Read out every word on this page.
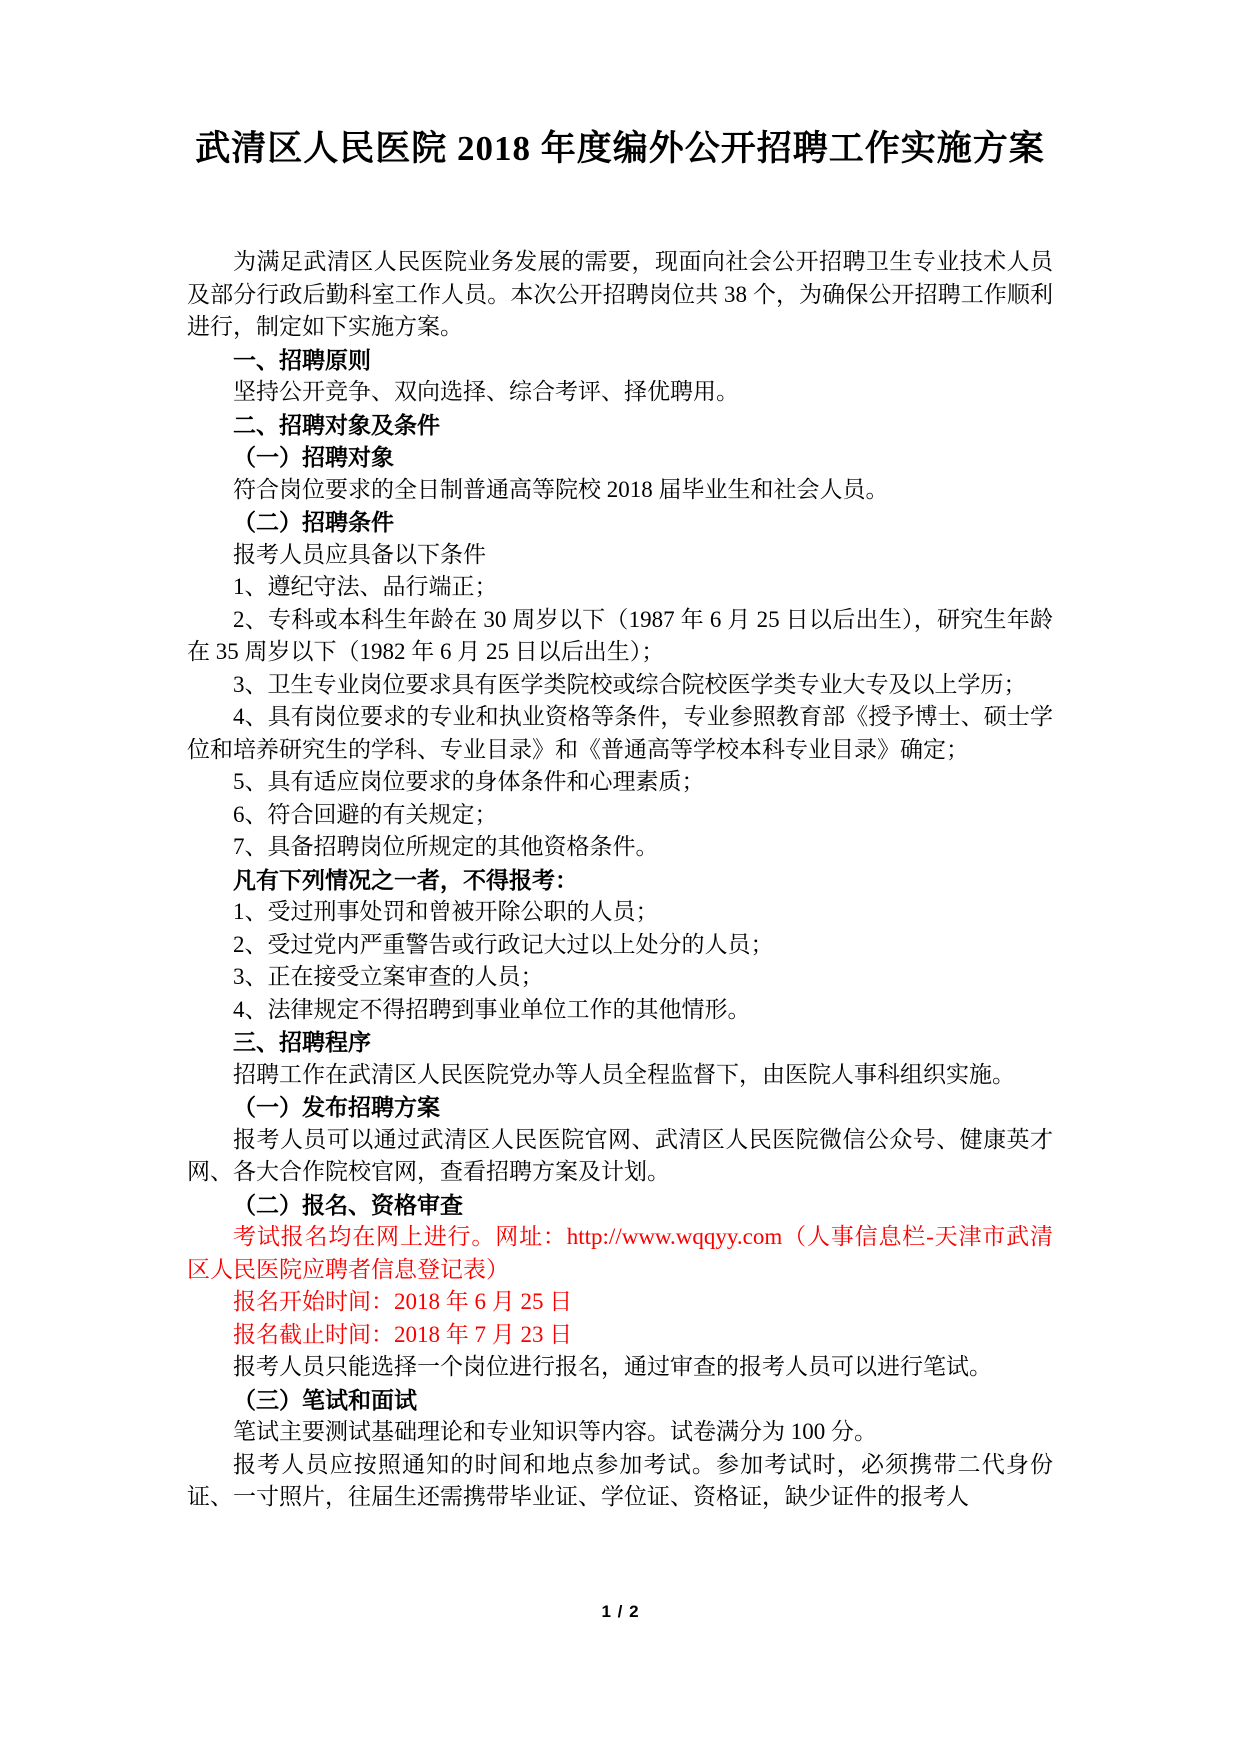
武清区人民医院 2018 年度编外公开招聘工作实施方案
为满足武清区人民医院业务发展的需要，现面向社会公开招聘卫生专业技术人员及部分行政后勤科室工作人员。本次公开招聘岗位共 38 个，为确保公开招聘工作顺利进行，制定如下实施方案。
一、招聘原则
坚持公开竞争、双向选择、综合考评、择优聘用。
二、招聘对象及条件
（一）招聘对象
符合岗位要求的全日制普通高等院校 2018 届毕业生和社会人员。
（二）招聘条件
报考人员应具备以下条件
1、遵纪守法、品行端正；
2、专科或本科生年龄在 30 周岁以下（1987 年 6 月 25 日以后出生），研究生年龄在 35 周岁以下（1982 年 6 月 25 日以后出生）；
3、卫生专业岗位要求具有医学类院校或综合院校医学类专业大专及以上学历；
4、具有岗位要求的专业和执业资格等条件，专业参照教育部《授予博士、硕士学位和培养研究生的学科、专业目录》和《普通高等学校本科专业目录》确定；
5、具有适应岗位要求的身体条件和心理素质；
6、符合回避的有关规定；
7、具备招聘岗位所规定的其他资格条件。
凡有下列情况之一者，不得报考：
1、受过刑事处罚和曾被开除公职的人员；
2、受过党内严重警告或行政记大过以上处分的人员；
3、正在接受立案审查的人员；
4、法律规定不得招聘到事业单位工作的其他情形。
三、招聘程序
招聘工作在武清区人民医院党办等人员全程监督下，由医院人事科组织实施。
（一）发布招聘方案
报考人员可以通过武清区人民医院官网、武清区人民医院微信公众号、健康英才网、各大合作院校官网，查看招聘方案及计划。
（二）报名、资格审查
考试报名均在网上进行。网址：http://www.wqqyy.com（人事信息栏-天津市武清区人民医院应聘者信息登记表）
报名开始时间：2018 年 6 月 25 日
报名截止时间：2018 年 7 月 23 日
报考人员只能选择一个岗位进行报名，通过审查的报考人员可以进行笔试。
（三）笔试和面试
笔试主要测试基础理论和专业知识等内容。试卷满分为 100 分。
报考人员应按照通知的时间和地点参加考试。参加考试时，必须携带二代身份证、一寸照片，往届生还需携带毕业证、学位证、资格证，缺少证件的报考人
1 / 2
